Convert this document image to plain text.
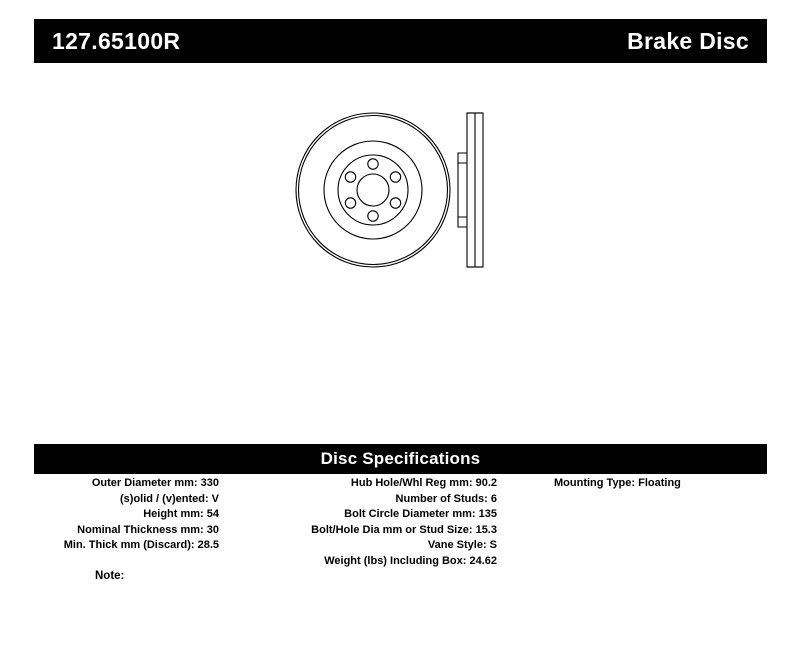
127.65100R	Brake Disc
Disc Specifications
Outer Diameter mm: 330
(s)olid / (v)ented: V
Height mm: 54
Nominal Thickness mm: 30
Min. Thick mm (Discard): 28.5
Hub Hole/Whl Reg mm: 90.2
Number of Studs: 6
Bolt Circle Diameter mm: 135
Bolt/Hole Dia mm or Stud Size: 15.3
Vane Style: S
Weight (lbs) Including Box: 24.62
Mounting Type: Floating
Note:
